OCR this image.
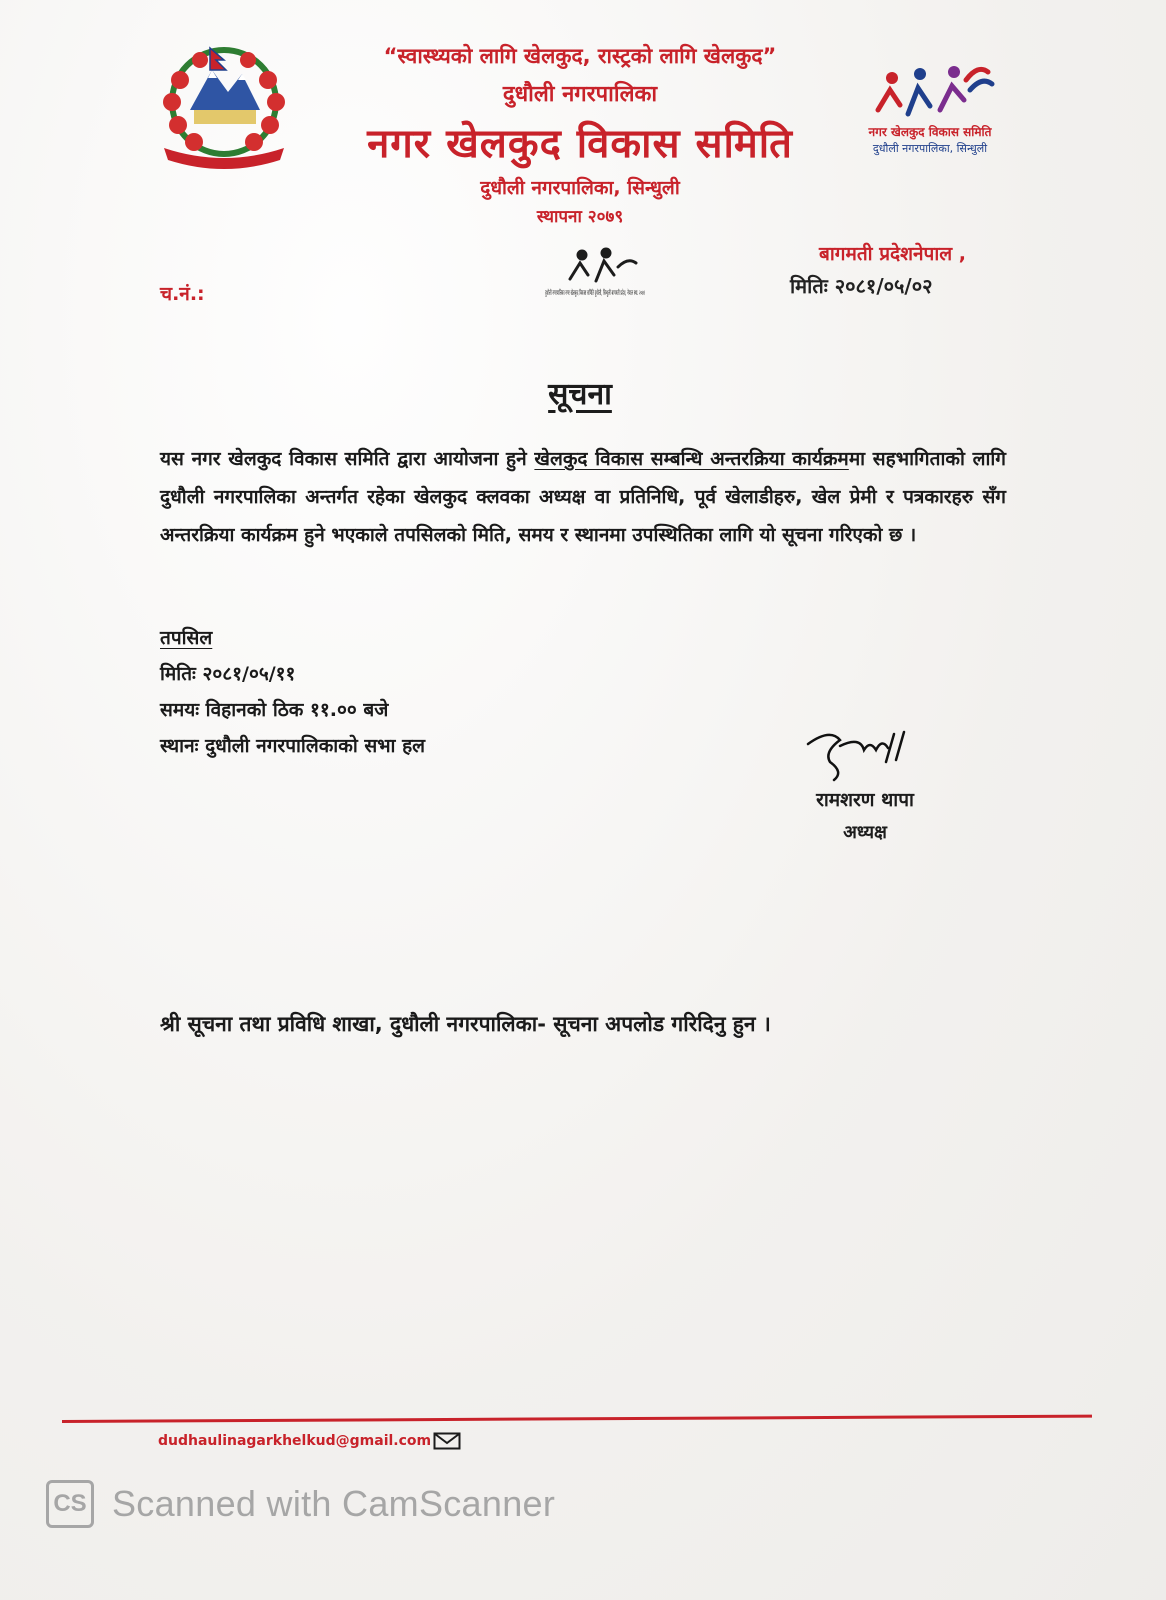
नगर खेलकुद विकास समिति
दुधौली नगरपालिका, सिन्धुली
“स्वास्थ्यको लागि खेलकुद, रास्ट्रको लागि खेलकुद”
दुधौली नगरपालिका
नगर खेलकुद विकास समिति
दुधौली नगरपालिका, सिन्धुली
स्थापना २०७९
दुधौली नगरपालिका नगर खेलकुद विकास समिति दुधौली, सिन्धुली बागमती प्रदेश, नेपाल स्था. २०७९
बागमती प्रदेशनेपाल ,
च.नं.:	मितिः २०८१/०५/०२
सूचना
यस नगर खेलकुद विकास समिति द्वारा आयोजना हुने खेलकुद विकास सम्बन्धि अन्तरक्रिया कार्यक्रममा सहभागिताको लागि दुधौली नगरपालिका अन्तर्गत रहेका खेलकुद क्लवका अध्यक्ष वा प्रतिनिधि, पूर्व खेलाडीहरु, खेल प्रेमी र पत्रकारहरु सँग अन्तरक्रिया कार्यक्रम हुने भएकाले तपसिलको मिति, समय र स्थानमा उपस्थितिका लागि यो सूचना गरिएको छ ।
तपसिल
मितिः २०८१/०५/११
समयः विहानको ठिक ११.०० बजे
स्थानः दुधौली नगरपालिकाको सभा हल
रामशरण थापा
अध्यक्ष
श्री सूचना तथा प्रविधि शाखा, दुधौली नगरपालिका- सूचना अपलोड गरिदिनु हुन ।
dudhaulinagarkhelkud@gmail.com
CS Scanned with CamScanner
